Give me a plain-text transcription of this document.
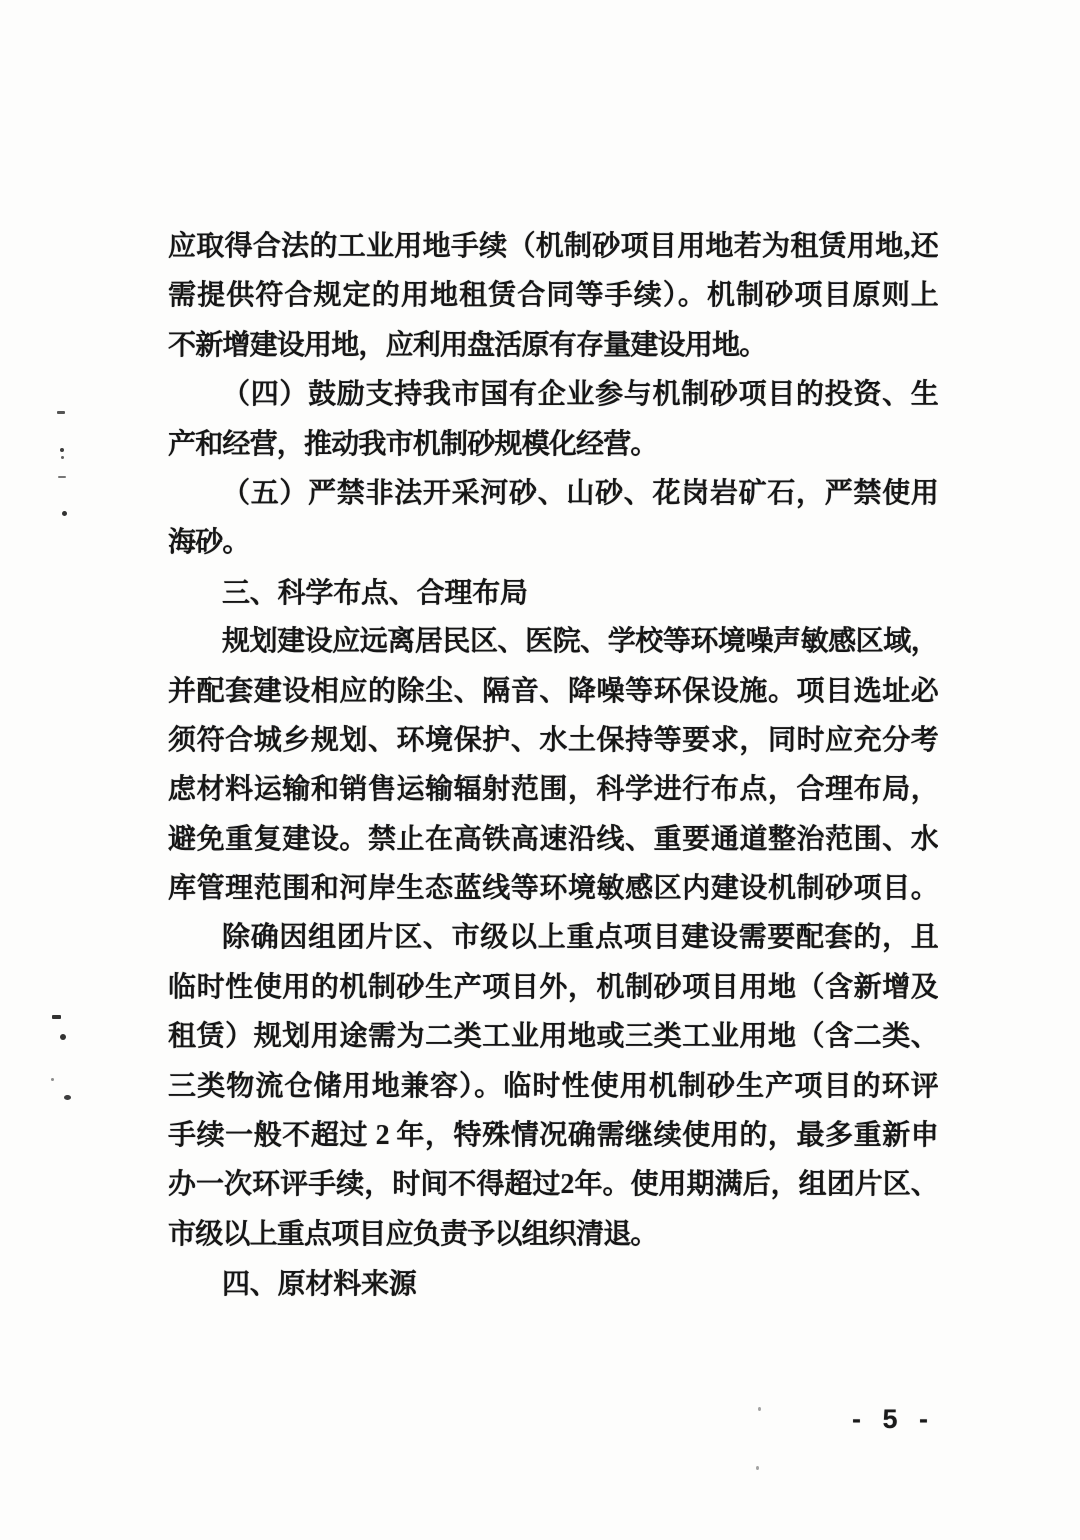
应取得合法的工业用地手续（机制砂项目用地若为租赁用地,还
需提供符合规定的用地租赁合同等手续）。机制砂项目原则上
不新增建设用地，应利用盘活原有存量建设用地。
（四）鼓励支持我市国有企业参与机制砂项目的投资、生
产和经营，推动我市机制砂规模化经营。
（五）严禁非法开采河砂、山砂、花岗岩矿石，严禁使用
海砂。
三、科学布点、合理布局
规划建设应远离居民区、医院、学校等环境噪声敏感区域，
并配套建设相应的除尘、隔音、降噪等环保设施。项目选址必
须符合城乡规划、环境保护、水土保持等要求，同时应充分考
虑材料运输和销售运输辐射范围，科学进行布点，合理布局，
避免重复建设。禁止在高铁高速沿线、重要通道整治范围、水
库管理范围和河岸生态蓝线等环境敏感区内建设机制砂项目。
除确因组团片区、市级以上重点项目建设需要配套的，且
临时性使用的机制砂生产项目外，机制砂项目用地（含新增及
租赁）规划用途需为二类工业用地或三类工业用地（含二类、
三类物流仓储用地兼容）。临时性使用机制砂生产项目的环评
手续一般不超过 2 年，特殊情况确需继续使用的，最多重新申
办一次环评手续，时间不得超过2年。使用期满后，组团片区、
市级以上重点项目应负责予以组织清退。
四、原材料来源
- 5 -
